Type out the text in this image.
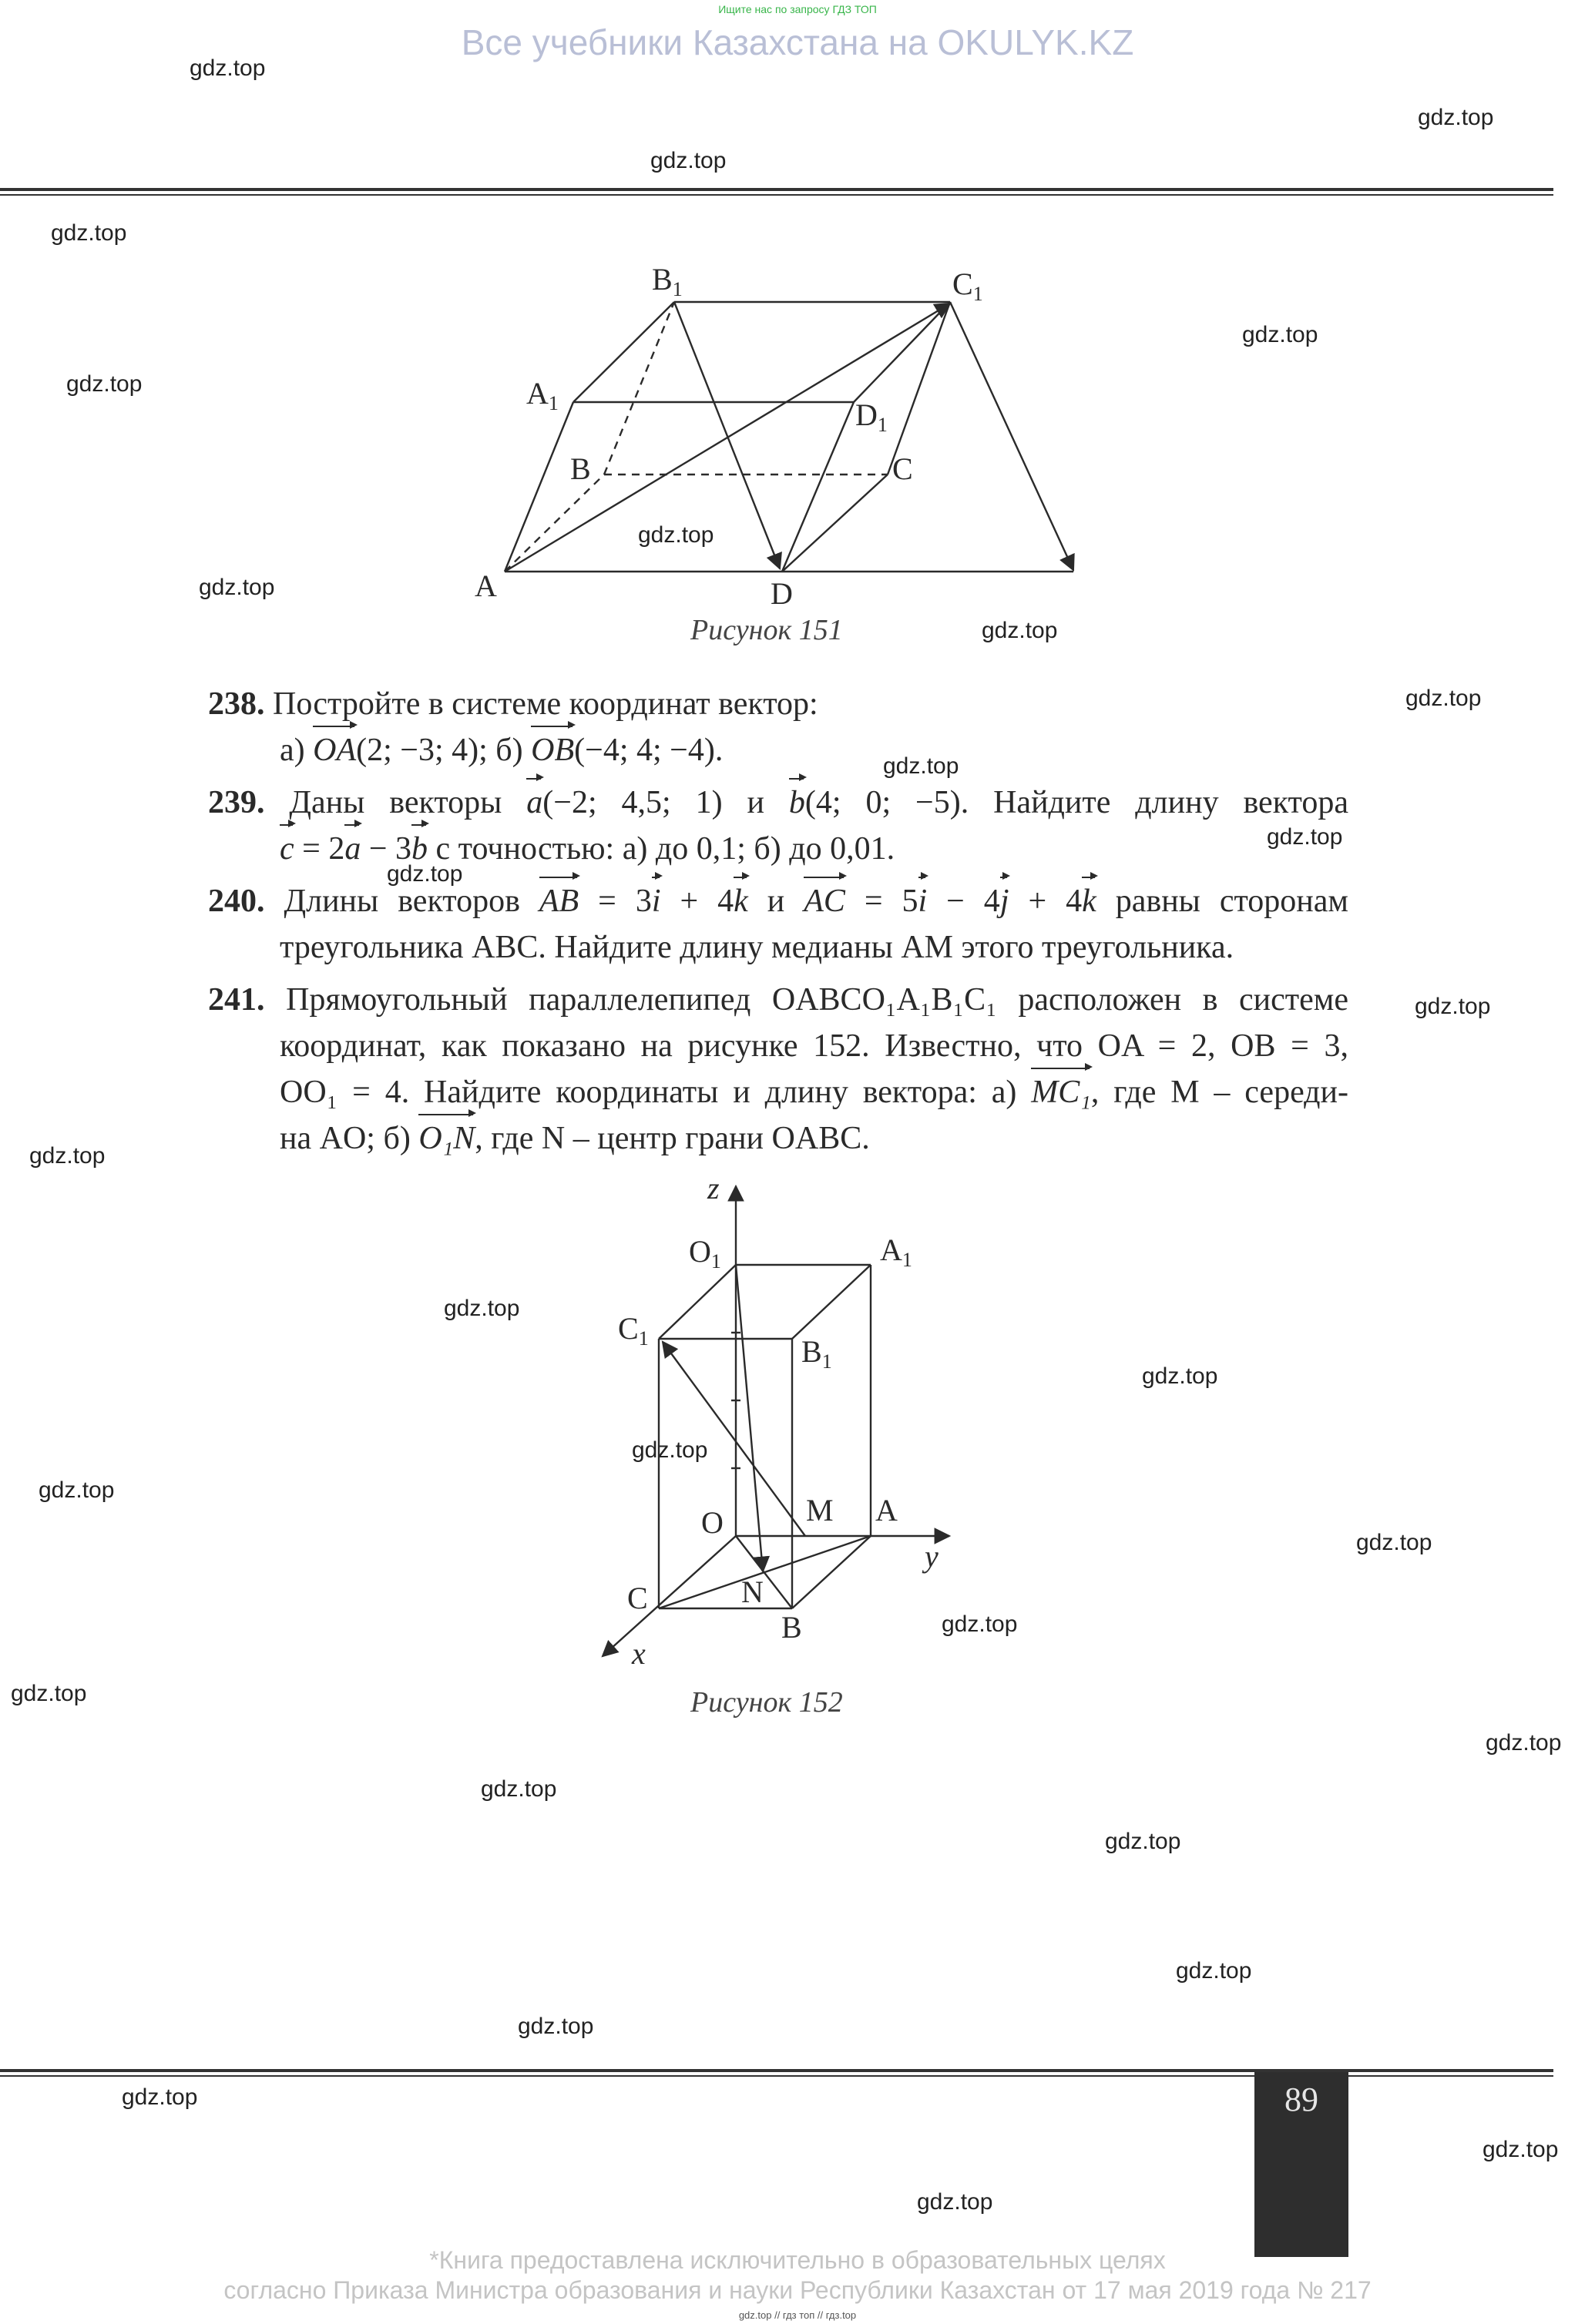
Ищите нас по запросу ГДЗ ТОП
Все учебники Казахстана на OKULYK.KZ
gdz.top
gdz.top
gdz.top
gdz.top
gdz.top
gdz.top
gdz.top
gdz.top
gdz.top
gdz.top
gdz.top
gdz.top
gdz.top
gdz.top
gdz.top
gdz.top
gdz.top
gdz.top
gdz.top
gdz.top
gdz.top
gdz.top
gdz.top
gdz.top
gdz.top
gdz.top
gdz.top
gdz.top
gdz.top
gdz.top
$B_1$	$C_1$
$A_1$	$D_1$
B	C
A	D
Рисунок 151

238. Постройте в системе координат вектор:

а) OA(2; −3; 4); б) OB(−4; 4; −4).

239. Даны векторы a(−2; 4,5; 1) и b(4; 0; −5). Найдите длину вектора

c = 2a − 3b с точностью: а) до 0,1; б) до 0,01.

240. Длины векторов AB = 3i + 4k и AC = 5i − 4j + 4k равны сторонам

треугольника ABC. Найдите длину медианы AM этого треугольника.

241. Прямоугольный параллелепипед OABCO₁A₁B₁C₁ расположен в системе

координат, как показано на рисунке 152. Известно, что OA = 2, OB = 3,

OO₁ = 4. Найдите координаты и длину вектора: а) MC₁, где M – середи-

на AO; б) O₁N, где N – центр грани OABC.

z
y
x
$O_1$	$A_1$
$C_1$	$B_1$
O	M A
C	N
B
Рисунок 152
89
*Книга предоставлена исключительно в образовательных целях
согласно Приказа Министра образования и науки Республики Казахстан от 17 мая 2019 года № 217
gdz.top // гдз топ // гдз.top
